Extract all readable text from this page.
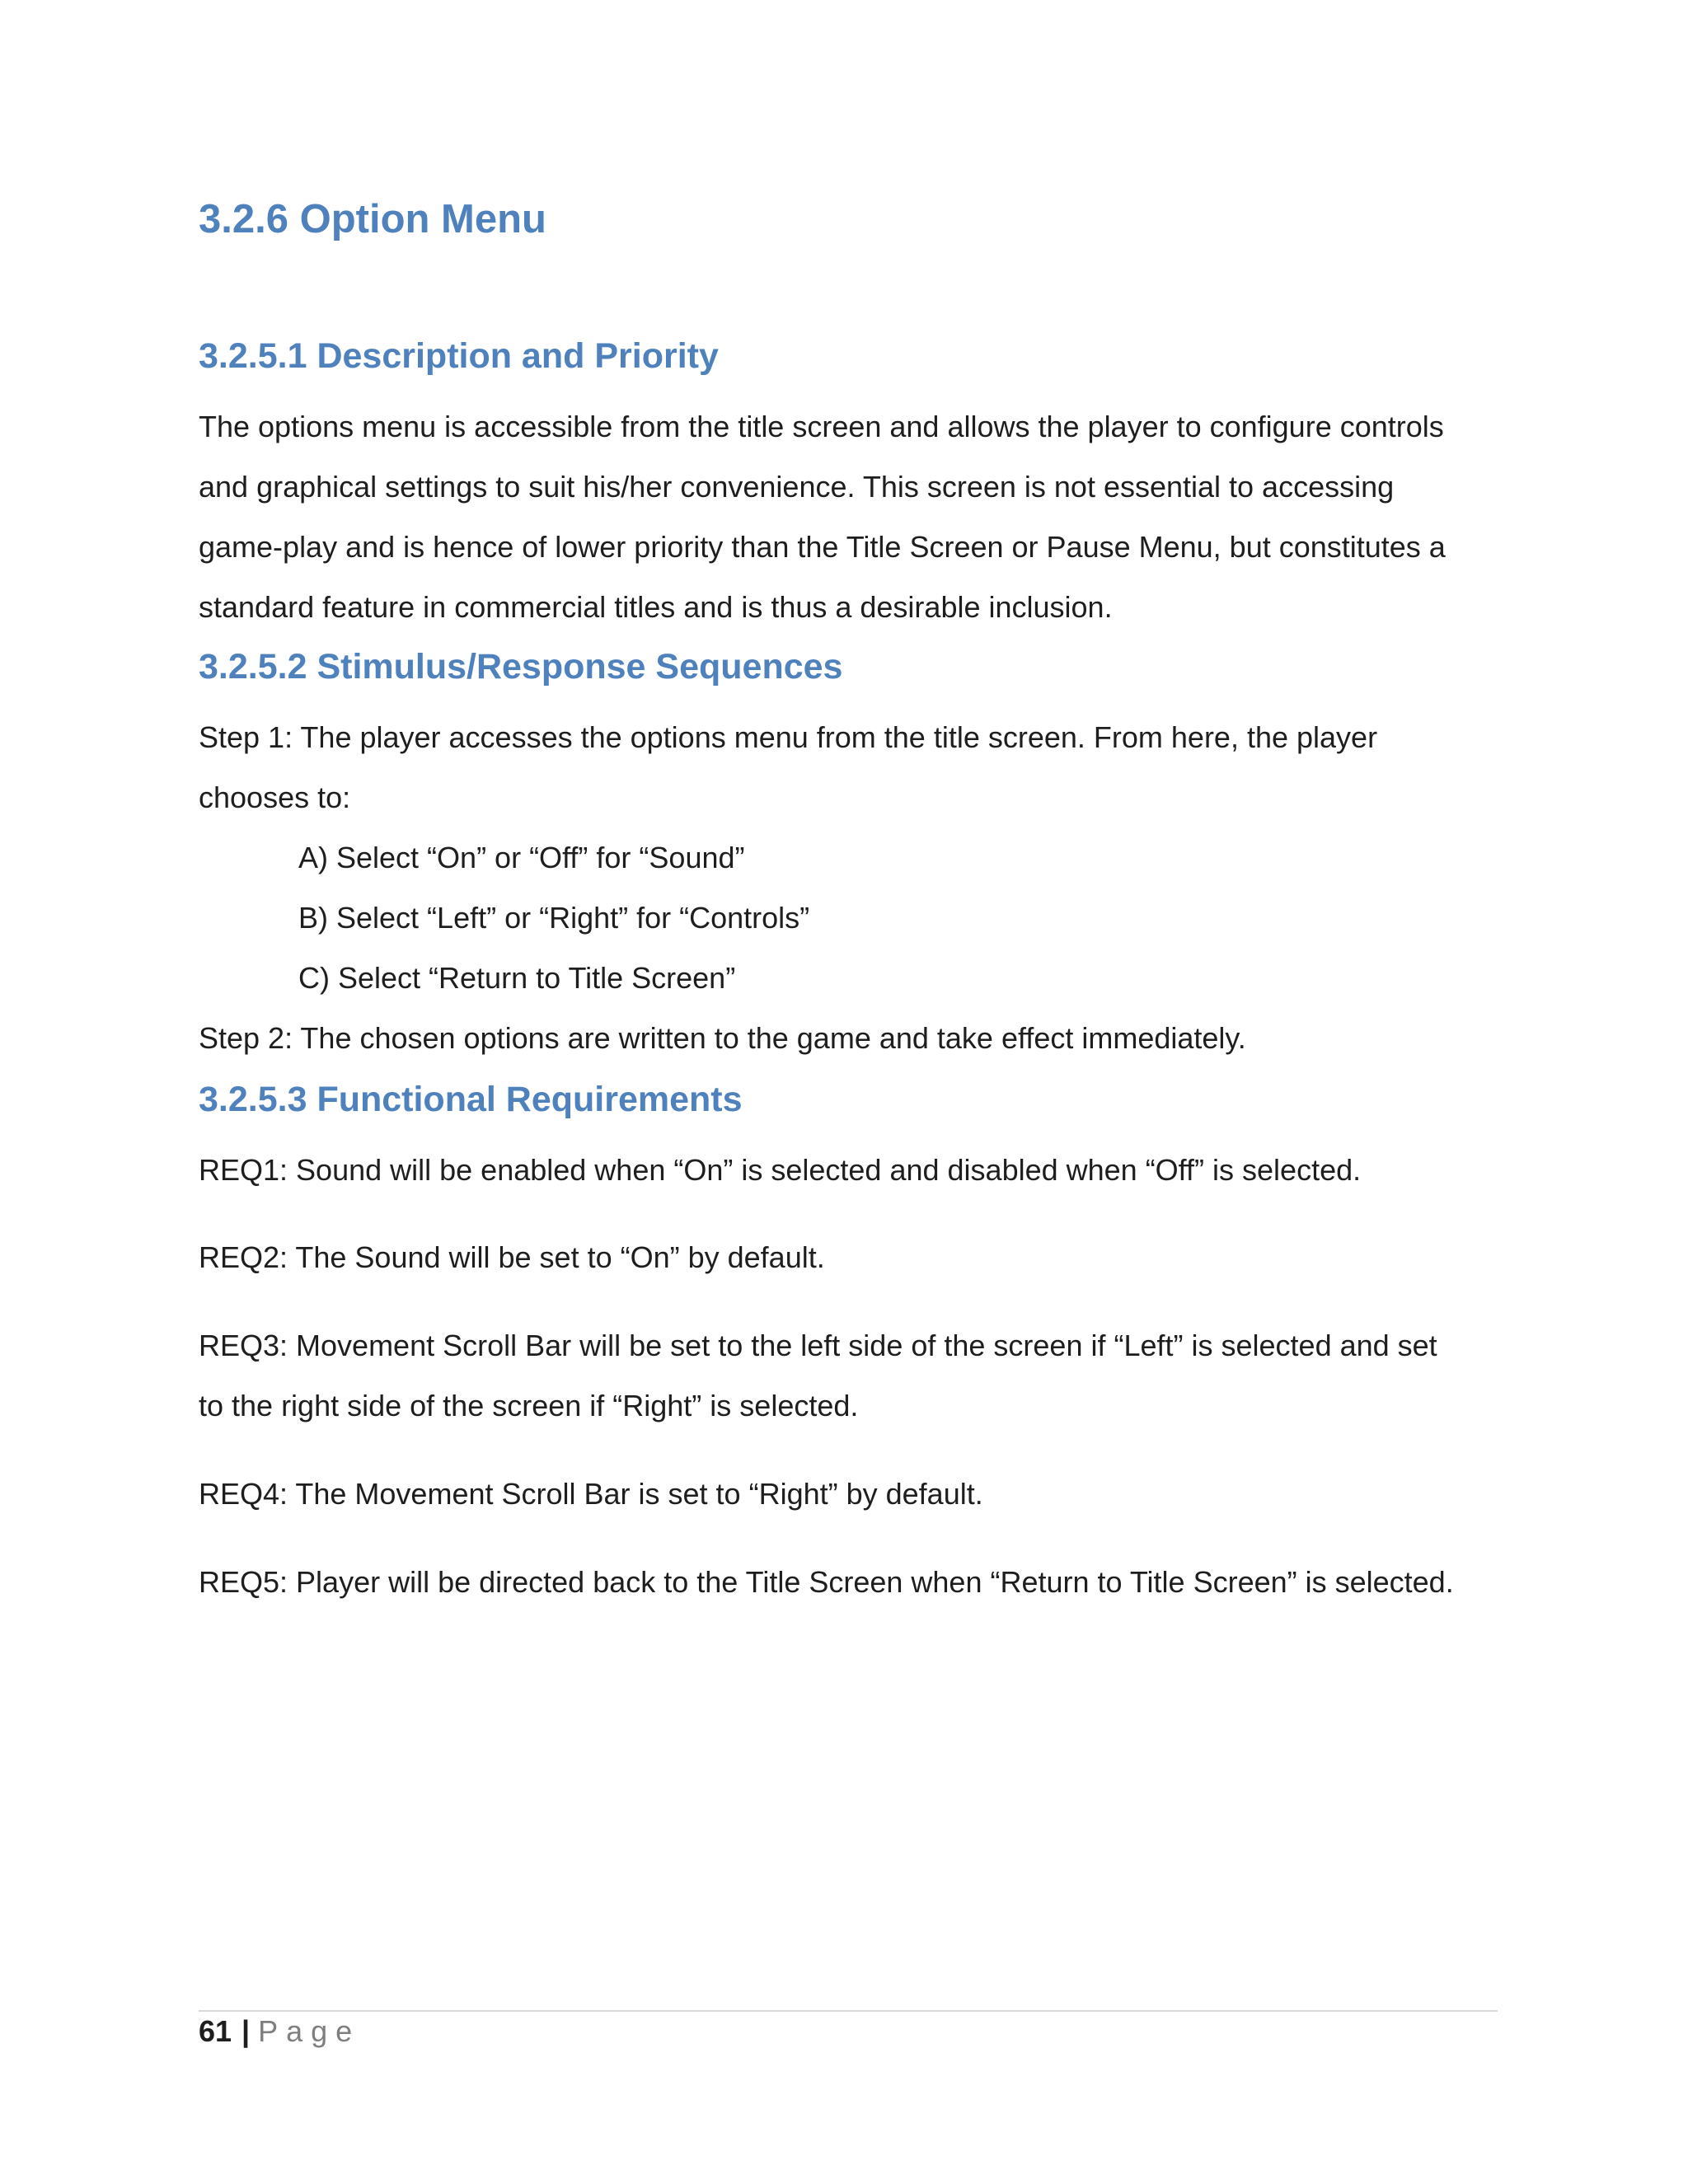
3.2.6 Option Menu
3.2.5.1 Description and Priority
The options menu is accessible from the title screen and allows the player to configure controls
and graphical settings to suit his/her convenience. This screen is not essential to accessing
game-play and is hence of lower priority than the Title Screen or Pause Menu, but constitutes a
standard feature in commercial titles and is thus a desirable inclusion.
3.2.5.2 Stimulus/Response Sequences
Step 1: The player accesses the options menu from the title screen. From here, the player
chooses to:
A) Select “On” or “Off” for “Sound”
B) Select “Left” or “Right” for “Controls”
C) Select “Return to Title Screen”
Step 2: The chosen options are written to the game and take effect immediately.
3.2.5.3 Functional Requirements
REQ1: Sound will be enabled when “On” is selected and disabled when “Off” is selected.
REQ2: The Sound will be set to “On” by default.
REQ3: Movement Scroll Bar will be set to the left side of the screen if “Left” is selected and set
to the right side of the screen if “Right” is selected.
REQ4: The Movement Scroll Bar is set to “Right” by default.
REQ5: Player will be directed back to the Title Screen when “Return to Title Screen” is selected.
61 | Page
